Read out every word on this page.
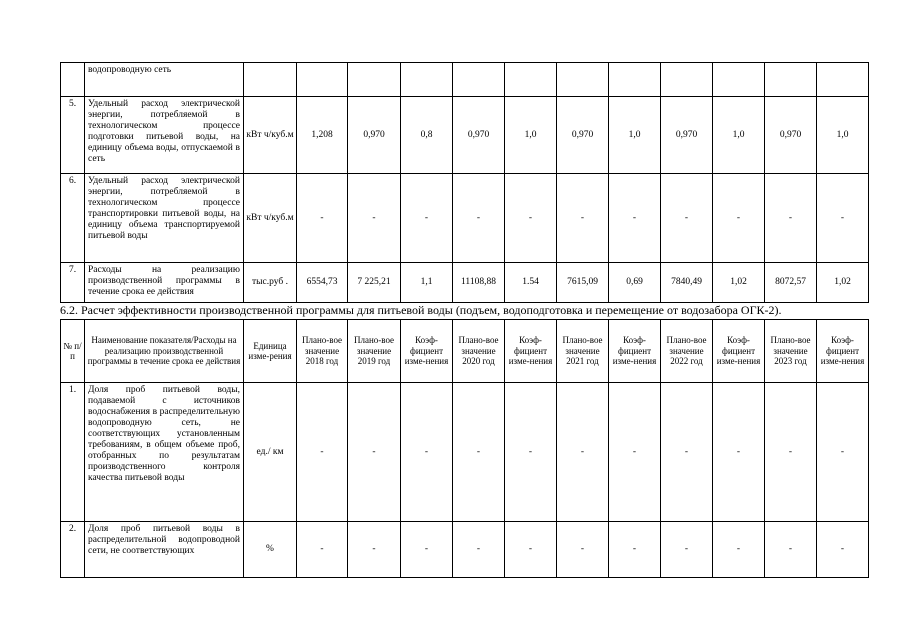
	водопроводную сеть												
5.	Удельный расход электрической энергии, потребляемой в технологическом процессе подготовки питьевой воды, на единицу объема воды, отпускаемой в сеть	кВт ч/куб.м	1,208	0,970	0,8	0,970	1,0	0,970	1,0	0,970	1,0	0,970	1,0
6.	Удельный расход электрической энергии, потребляемой в технологическом процессе транспортировки питьевой воды, на единицу объема транспортируемой питьевой воды	кВт ч/куб.м	-	-	-	-	-	-	-	-	-	-	-
7.	Расходы на реализацию производственной программы в течение срока ее действия	тыс.руб .	6554,73	7 225,21	1,1	11108,88	1.54	7615,09	0,69	7840,49	1,02	8072,57	1,02
6.2. Расчет эффективности производственной программы для питьевой воды (подъем, водоподготовка и перемещение от водозабора ОГК-2).
№ п/п	Наименование показателя/Расходы на реализацию производственной программы в течение срока ее действия	Единица изме-рения	Плано-вое значение 2018 год	Плано-вое значение 2019 год	Коэф-фициент изме-нения	Плано-вое значение 2020 год	Коэф-фициент изме-нения	Плано-вое значение 2021 год	Коэф-фициент изме-нения	Плано-вое значение 2022 год	Коэф-фициент изме-нения	Плано-вое значение 2023 год	Коэф-фициент изме-нения
1.	Доля проб питьевой воды, подаваемой с источников водоснабжения в распределительную водопроводную сеть, не соответствующих установленным требованиям, в общем объеме проб, отобранных по результатам производственного контроля качества питьевой воды	ед./ км	-	-	-	-	-	-	-	-	-	-	-
2.	Доля проб питьевой воды в распределительной водопроводной сети, не соответствующих	%	-	-	-	-	-	-	-	-	-	-	-
